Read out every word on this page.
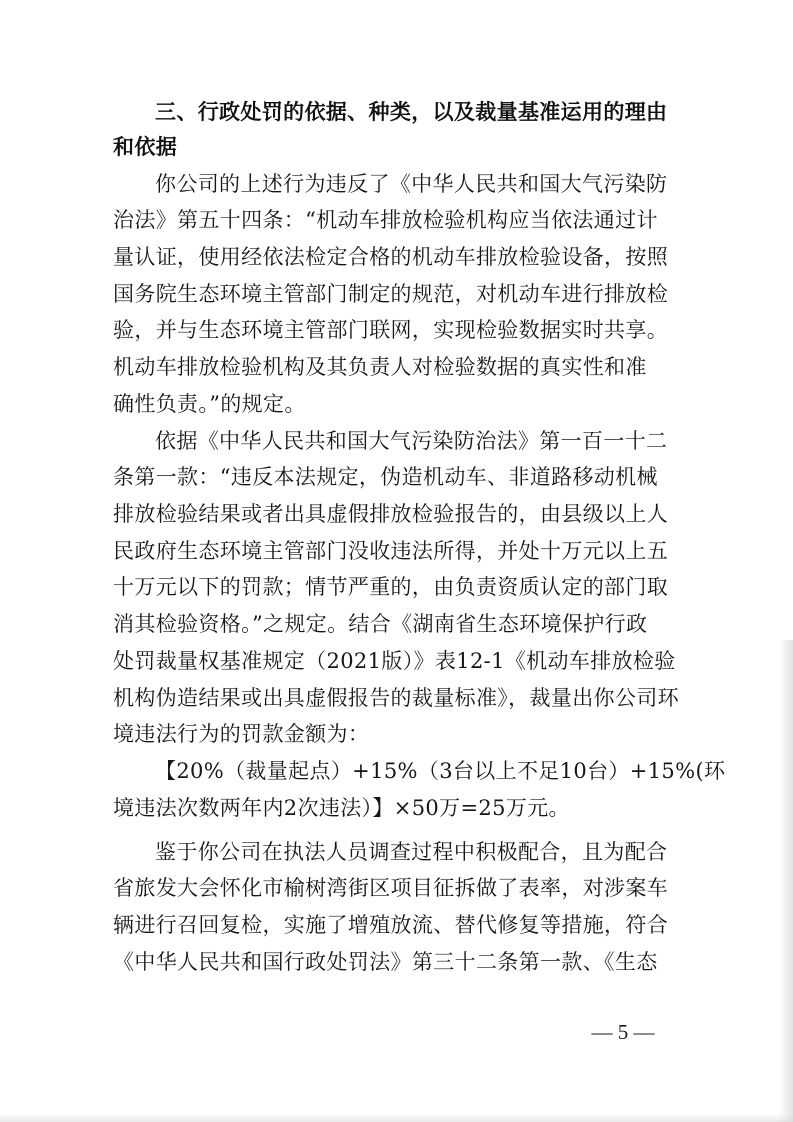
三、行政处罚的依据、种类，以及裁量基准运用的理由
和依据
你公司的上述行为违反了《中华人民共和国大气污染防
治法》第五十四条：“机动车排放检验机构应当依法通过计
量认证，使用经依法检定合格的机动车排放检验设备，按照
国务院生态环境主管部门制定的规范，对机动车进行排放检
验，并与生态环境主管部门联网，实现检验数据实时共享。
机动车排放检验机构及其负责人对检验数据的真实性和准
确性负责。”的规定。
依据《中华人民共和国大气污染防治法》第一百一十二
条第一款：“违反本法规定，伪造机动车、非道路移动机械
排放检验结果或者出具虚假排放检验报告的，由县级以上人
民政府生态环境主管部门没收违法所得，并处十万元以上五
十万元以下的罚款；情节严重的，由负责资质认定的部门取
消其检验资格。”之规定。结合《湖南省生态环境保护行政
处罚裁量权基准规定（2021版）》表12-1《机动车排放检验
机构伪造结果或出具虚假报告的裁量标准》，裁量出你公司环
境违法行为的罚款金额为：
【20%（裁量起点）+15%（3台以上不足10台）+15%(环
境违法次数两年内2次违法）】×50万=25万元。
鉴于你公司在执法人员调查过程中积极配合，且为配合
省旅发大会怀化市榆树湾街区项目征拆做了表率，对涉案车
辆进行召回复检，实施了增殖放流、替代修复等措施，符合
《中华人民共和国行政处罚法》第三十二条第一款、《生态
— 5 —
